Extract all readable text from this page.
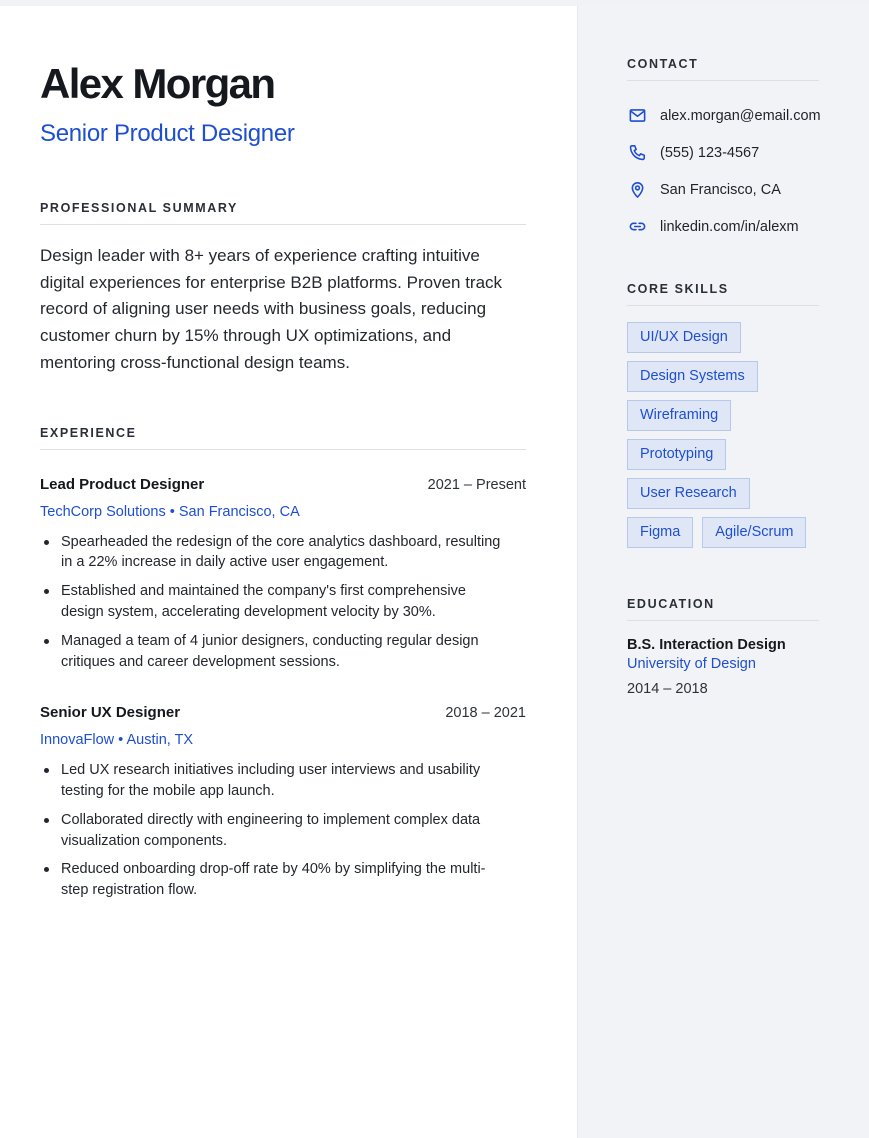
Alex Morgan
Senior Product Designer
PROFESSIONAL SUMMARY

Design leader with 8+ years of experience crafting intuitive digital experiences for enterprise B2B platforms. Proven track record of aligning user needs with business goals, reducing customer churn by 15% through UX optimizations, and mentoring cross-functional design teams.

EXPERIENCE
Lead Product Designer	2021 – Present
TechCorp Solutions • San Francisco, CA
Spearheaded the redesign of the core analytics dashboard, resulting in a 22% increase in daily active user engagement.
Established and maintained the company's first comprehensive design system, accelerating development velocity by 30%.
Managed a team of 4 junior designers, conducting regular design critiques and career development sessions.
Senior UX Designer	2018 – 2021
InnovaFlow • Austin, TX
Led UX research initiatives including user interviews and usability testing for the mobile app launch.
Collaborated directly with engineering to implement complex data visualization components.
Reduced onboarding drop-off rate by 40% by simplifying the multi-step registration flow.
CONTACT
alex.morgan@email.com
(555) 123-4567
San Francisco, CA
linkedin.com/in/alexm
CORE SKILLS
UI/UX Design
Design Systems
Wireframing
Prototyping
User Research
Figma	Agile/Scrum
EDUCATION
B.S. Interaction Design
University of Design
2014 – 2018
